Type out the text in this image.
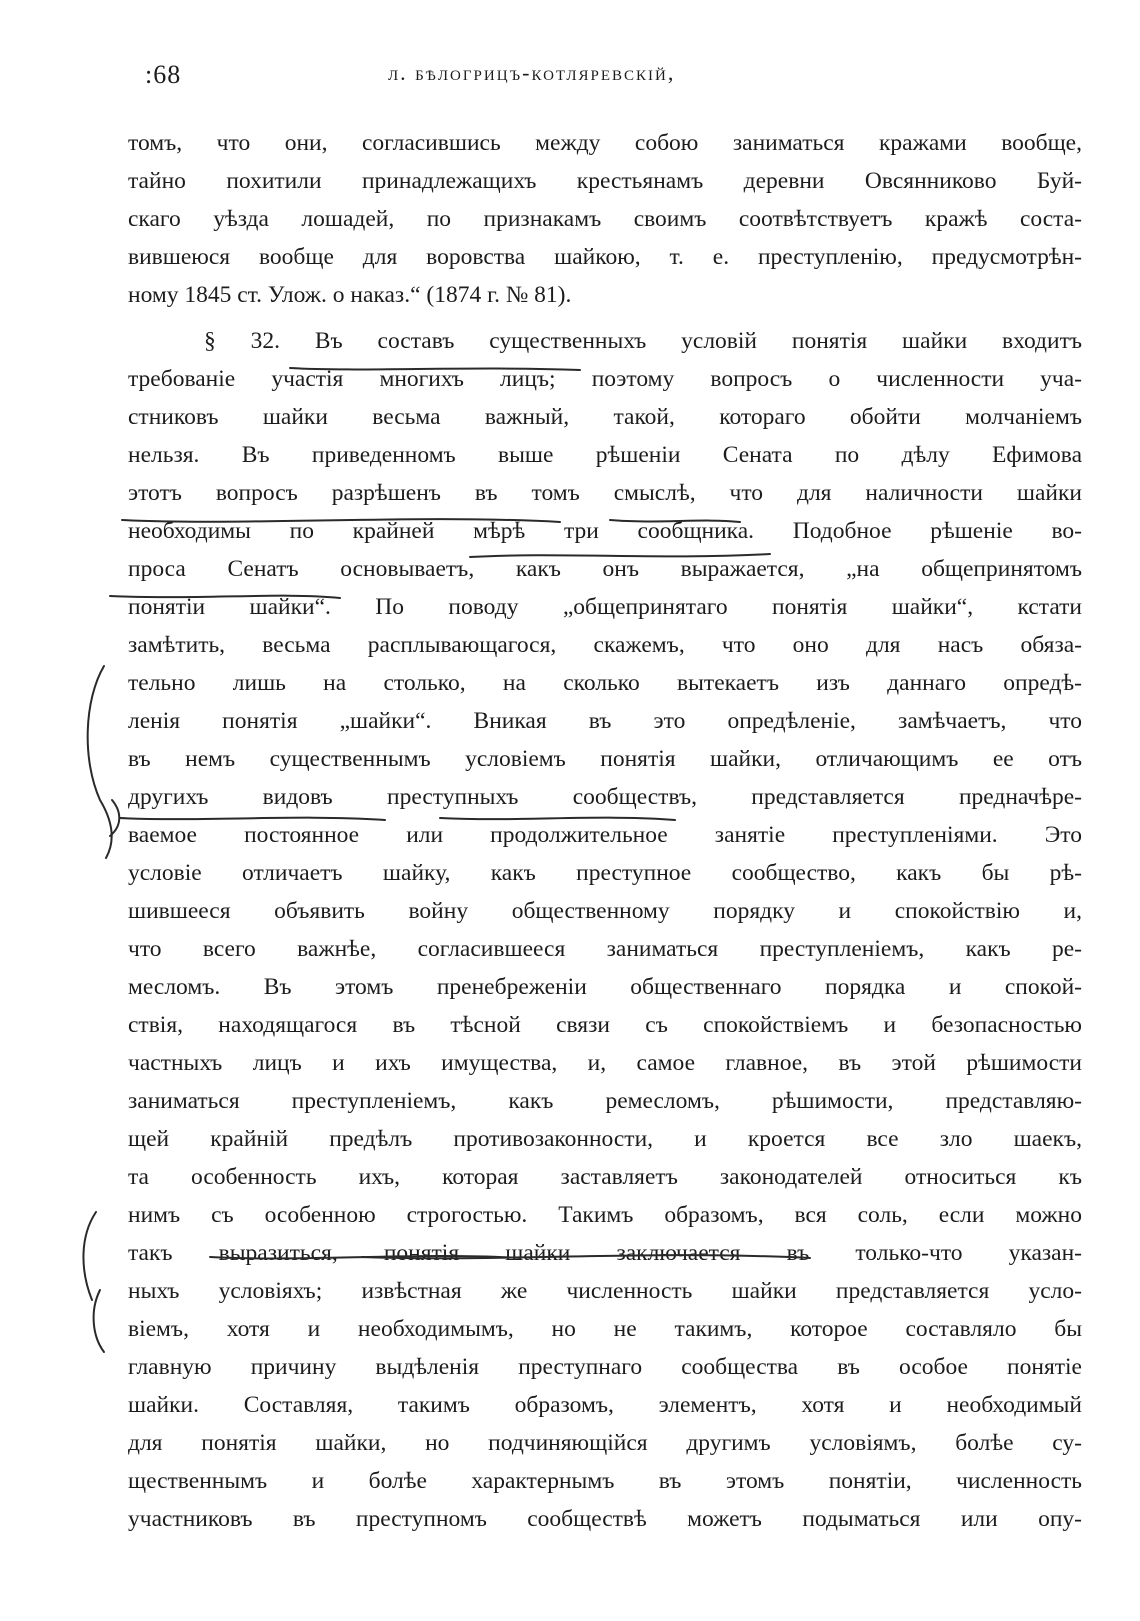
:68	л. бѣлогрицъ-котляревскій,
томъ, что они, согласившись между собою заниматься кражами вообще,
тайно похитили принадлежащихъ крестьянамъ деревни Овсянниково Буй-
скаго уѣзда лошадей, по признакамъ своимъ соотвѣтствуетъ кражѣ соста-
вившеюся вообще для воровства шайкою, т. е. преступленію, предусмотрѣн-
ному 1845 ст. Улож. о наказ.“ (1874 г. № 81).
§ 32. Въ составъ существенныхъ условій понятія шайки входитъ
требованіе участія многихъ лицъ; поэтому вопросъ о численности уча-
стниковъ шайки весьма важный, такой, котораго обойти молчаніемъ
нельзя. Въ приведенномъ выше рѣшеніи Сената по дѣлу Ефимова
этотъ вопросъ разрѣшенъ въ томъ смыслѣ, что для наличности шайки
необходимы по крайней мѣрѣ три сообщника. Подобное рѣшеніе во-
проса Сенатъ основываетъ, какъ онъ выражается, „на общепринятомъ
понятіи шайки“. По поводу „общепринятаго понятія шайки“, кстати
замѣтить, весьма расплывающагося, скажемъ, что оно для насъ обяза-
тельно лишь на столько, на сколько вытекаетъ изъ даннаго опредѣ-
ленія понятія „шайки“. Вникая въ это опредѣленіе, замѣчаетъ, что
въ немъ существеннымъ условіемъ понятія шайки, отличающимъ ее отъ
другихъ видовъ преступныхъ сообществъ, представляется предначѣре-
ваемое постоянное или продолжительное занятіе преступленіями. Это
условіе отличаетъ шайку, какъ преступное сообщество, какъ бы рѣ-
шившееся объявить войну общественному порядку и спокойствію и,
что всего важнѣе, согласившееся заниматься преступленіемъ, какъ ре-
месломъ. Въ этомъ пренебреженіи общественнаго порядка и спокой-
ствія, находящагося въ тѣсной связи съ спокойствіемъ и безопасностью
частныхъ лицъ и ихъ имущества, и, самое главное, въ этой рѣшимости
заниматься преступленіемъ, какъ ремесломъ, рѣшимости, представляю-
щей крайній предѣлъ противозаконности, и кроется все зло шаекъ,
та особенность ихъ, которая заставляетъ законодателей относиться къ
нимъ съ особенною строгостью. Такимъ образомъ, вся соль, если можно
такъ выразиться, понятія шайки заключается въ только-что указан-
ныхъ условіяхъ; извѣстная же численность шайки представляется усло-
віемъ, хотя и необходимымъ, но не такимъ, которое составляло бы
главную причину выдѣленія преступнаго сообщества въ особое понятіе
шайки. Составляя, такимъ образомъ, элементъ, хотя и необходимый
для понятія шайки, но подчиняющійся другимъ условіямъ, болѣе су-
щественнымъ и болѣе характернымъ въ этомъ понятіи, численность
участниковъ въ преступномъ сообществѣ можетъ подыматься или опу-
